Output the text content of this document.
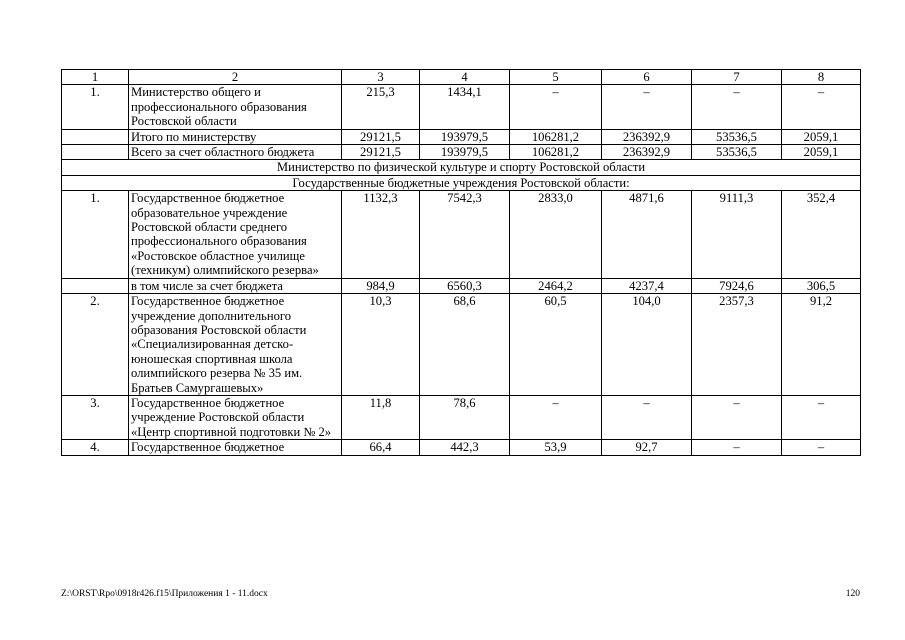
1	2	3	4	5	6	7	8
1.	Министерство общего и профессионального образования Ростовской области	215,3	1434,1	–	–	–	–
	Итого по министерству	29121,5	193979,5	106281,2	236392,9	53536,5	2059,1
	Всего за счет областного бюджета	29121,5	193979,5	106281,2	236392,9	53536,5	2059,1
Министерство по физической культуре и спорту Ростовской области							
Государственные бюджетные учреждения Ростовской области:							
1.	Государственное бюджетное образовательное учреждение Ростовской области среднего профессионального образования «Ростовское областное училище (техникум) олимпийского резерва»	1132,3	7542,3	2833,0	4871,6	9111,3	352,4
	в том числе за счет бюджета	984,9	6560,3	2464,2	4237,4	7924,6	306,5
2.	Государственное бюджетное учреждение дополнительного образования Ростовской области «Специализированная детско-юношеская спортивная школа олимпийского резерва № 35 им. Братьев Самургашевых»	10,3	68,6	60,5	104,0	2357,3	91,2
3.	Государственное бюджетное учреждение Ростовской области «Центр спортивной подготовки № 2»	11,8	78,6	–	–	–	–
4.	Государственное бюджетное	66,4	442,3	53,9	92,7	–	–
Z:\ORST\Rpo\0918r426.f15\Приложения 1 - 11.docx	120
